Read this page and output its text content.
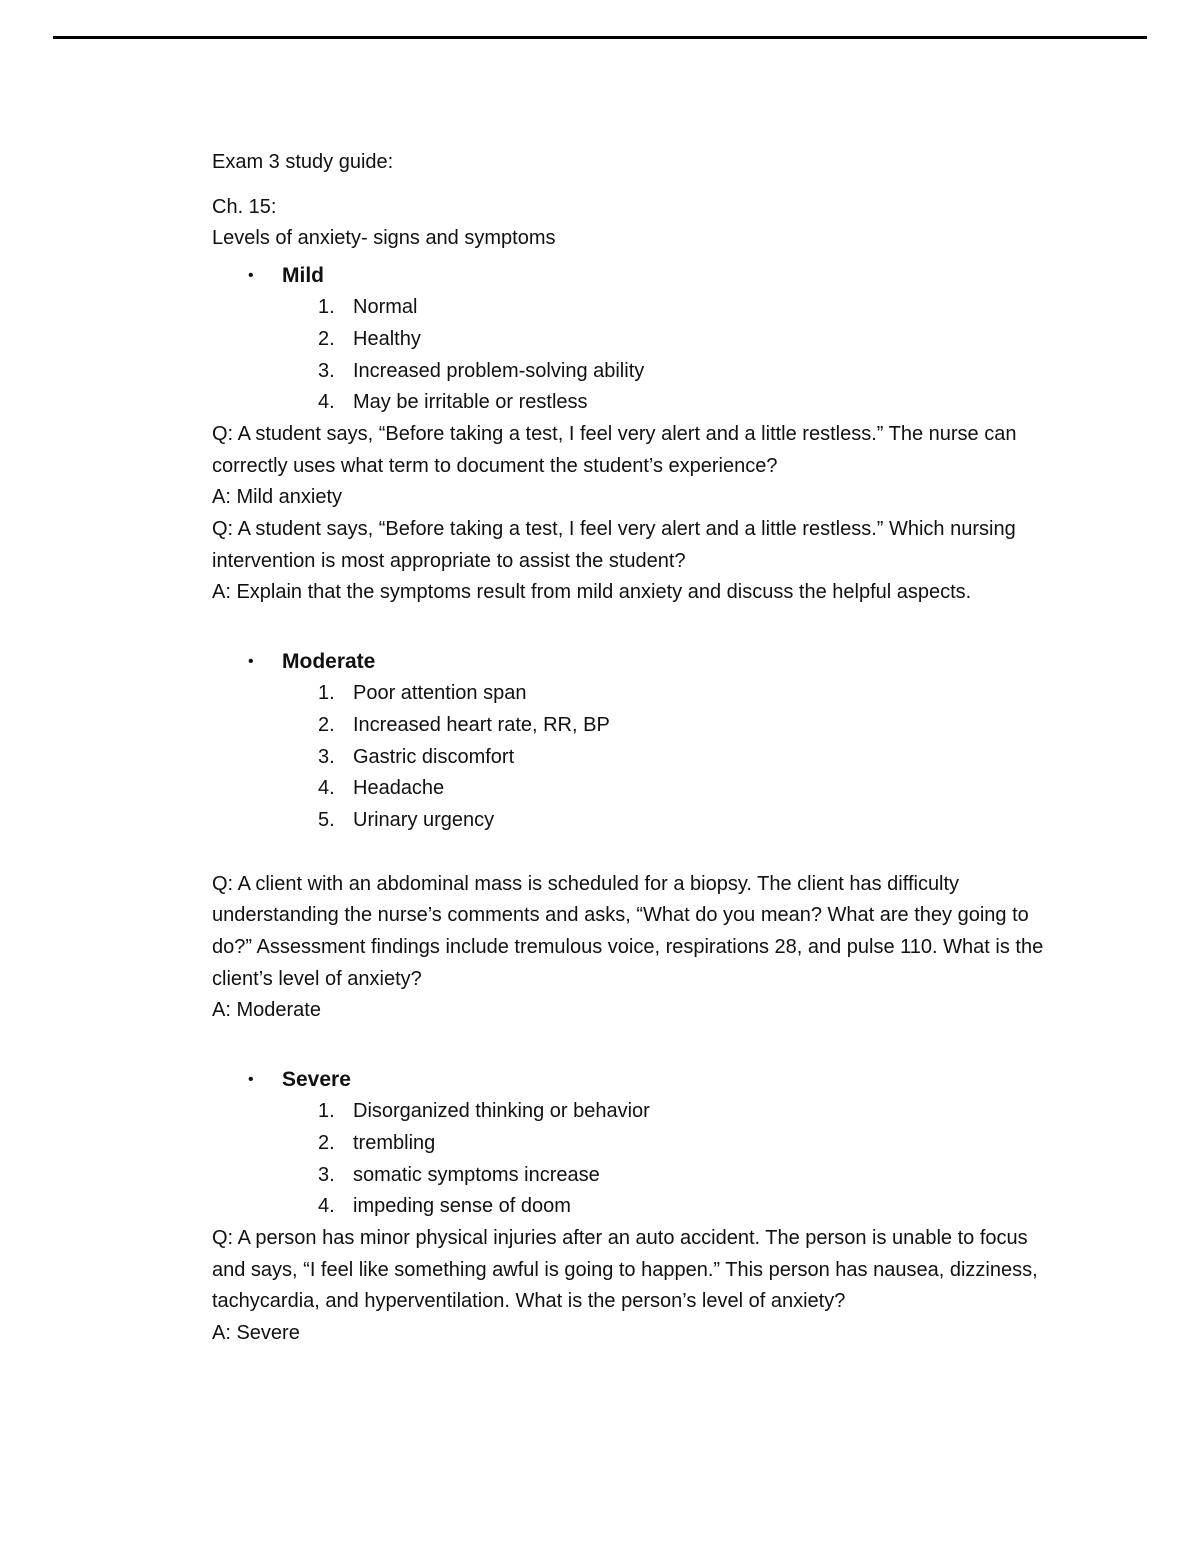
Exam 3 study guide:

Ch. 15:

Levels of anxiety- signs and symptoms

• Mild
1. Normal
2. Healthy
3. Increased problem-solving ability
4. May be irritable or restless

Q: A student says, “Before taking a test, I feel very alert and a little restless.” The nurse can correctly uses what term to document the student’s experience?

A: Mild anxiety

Q: A student says, “Before taking a test, I feel very alert and a little restless.” Which nursing intervention is most appropriate to assist the student?

A: Explain that the symptoms result from mild anxiety and discuss the helpful aspects.

• Moderate
1. Poor attention span
2. Increased heart rate, RR, BP
3. Gastric discomfort
4. Headache
5. Urinary urgency

Q: A client with an abdominal mass is scheduled for a biopsy. The client has difficulty understanding the nurse’s comments and asks, “What do you mean? What are they going to do?” Assessment findings include tremulous voice, respirations 28, and pulse 110. What is the client’s level of anxiety?

A: Moderate

• Severe
1. Disorganized thinking or behavior
2. trembling
3. somatic symptoms increase
4. impeding sense of doom

Q: A person has minor physical injuries after an auto accident. The person is unable to focus and says, “I feel like something awful is going to happen.” This person has nausea, dizziness, tachycardia, and hyperventilation. What is the person’s level of anxiety?

A: Severe
